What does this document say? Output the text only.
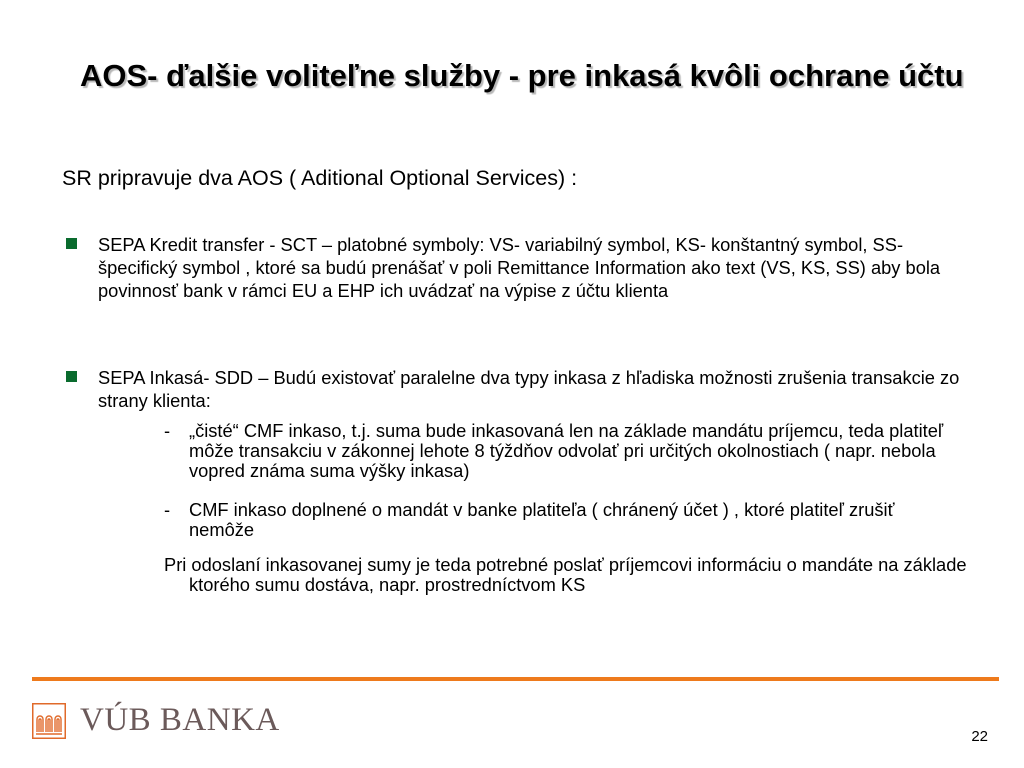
AOS- ďalšie voliteľne služby - pre inkasá kvôli ochrane účtu

SR pripravuje dva AOS ( Aditional Optional Services) :

SEPA Kredit transfer - SCT – platobné symboly: VS- variabilný symbol, KS- konštantný symbol, SS- špecifický symbol , ktoré sa budú prenášať v poli Remittance Information ako text (VS, KS, SS) aby bola povinnosť bank v rámci EU a EHP ich uvádzať na výpise z účtu klienta

SEPA Inkasá- SDD – Budú existovať paralelne dva typy inkasa z hľadiska možnosti zrušenia transakcie zo strany klienta:

- „čisté“ CMF inkaso, t.j. suma bude inkasovaná len na základe mandátu príjemcu, teda platiteľ môže transakciu v zákonnej lehote 8 týždňov odvolať pri určitých okolnostiach ( napr. nebola vopred známa suma výšky inkasa)

- CMF inkaso doplnené o mandát v banke platiteľa ( chránený účet ) , ktoré platiteľ zrušiť nemôže

Pri odoslaní inkasovanej sumy je teda potrebné poslať príjemcovi informáciu o mandáte na základe ktorého sumu dostáva, napr. prostredníctvom KS

VÚB BANKA	22
